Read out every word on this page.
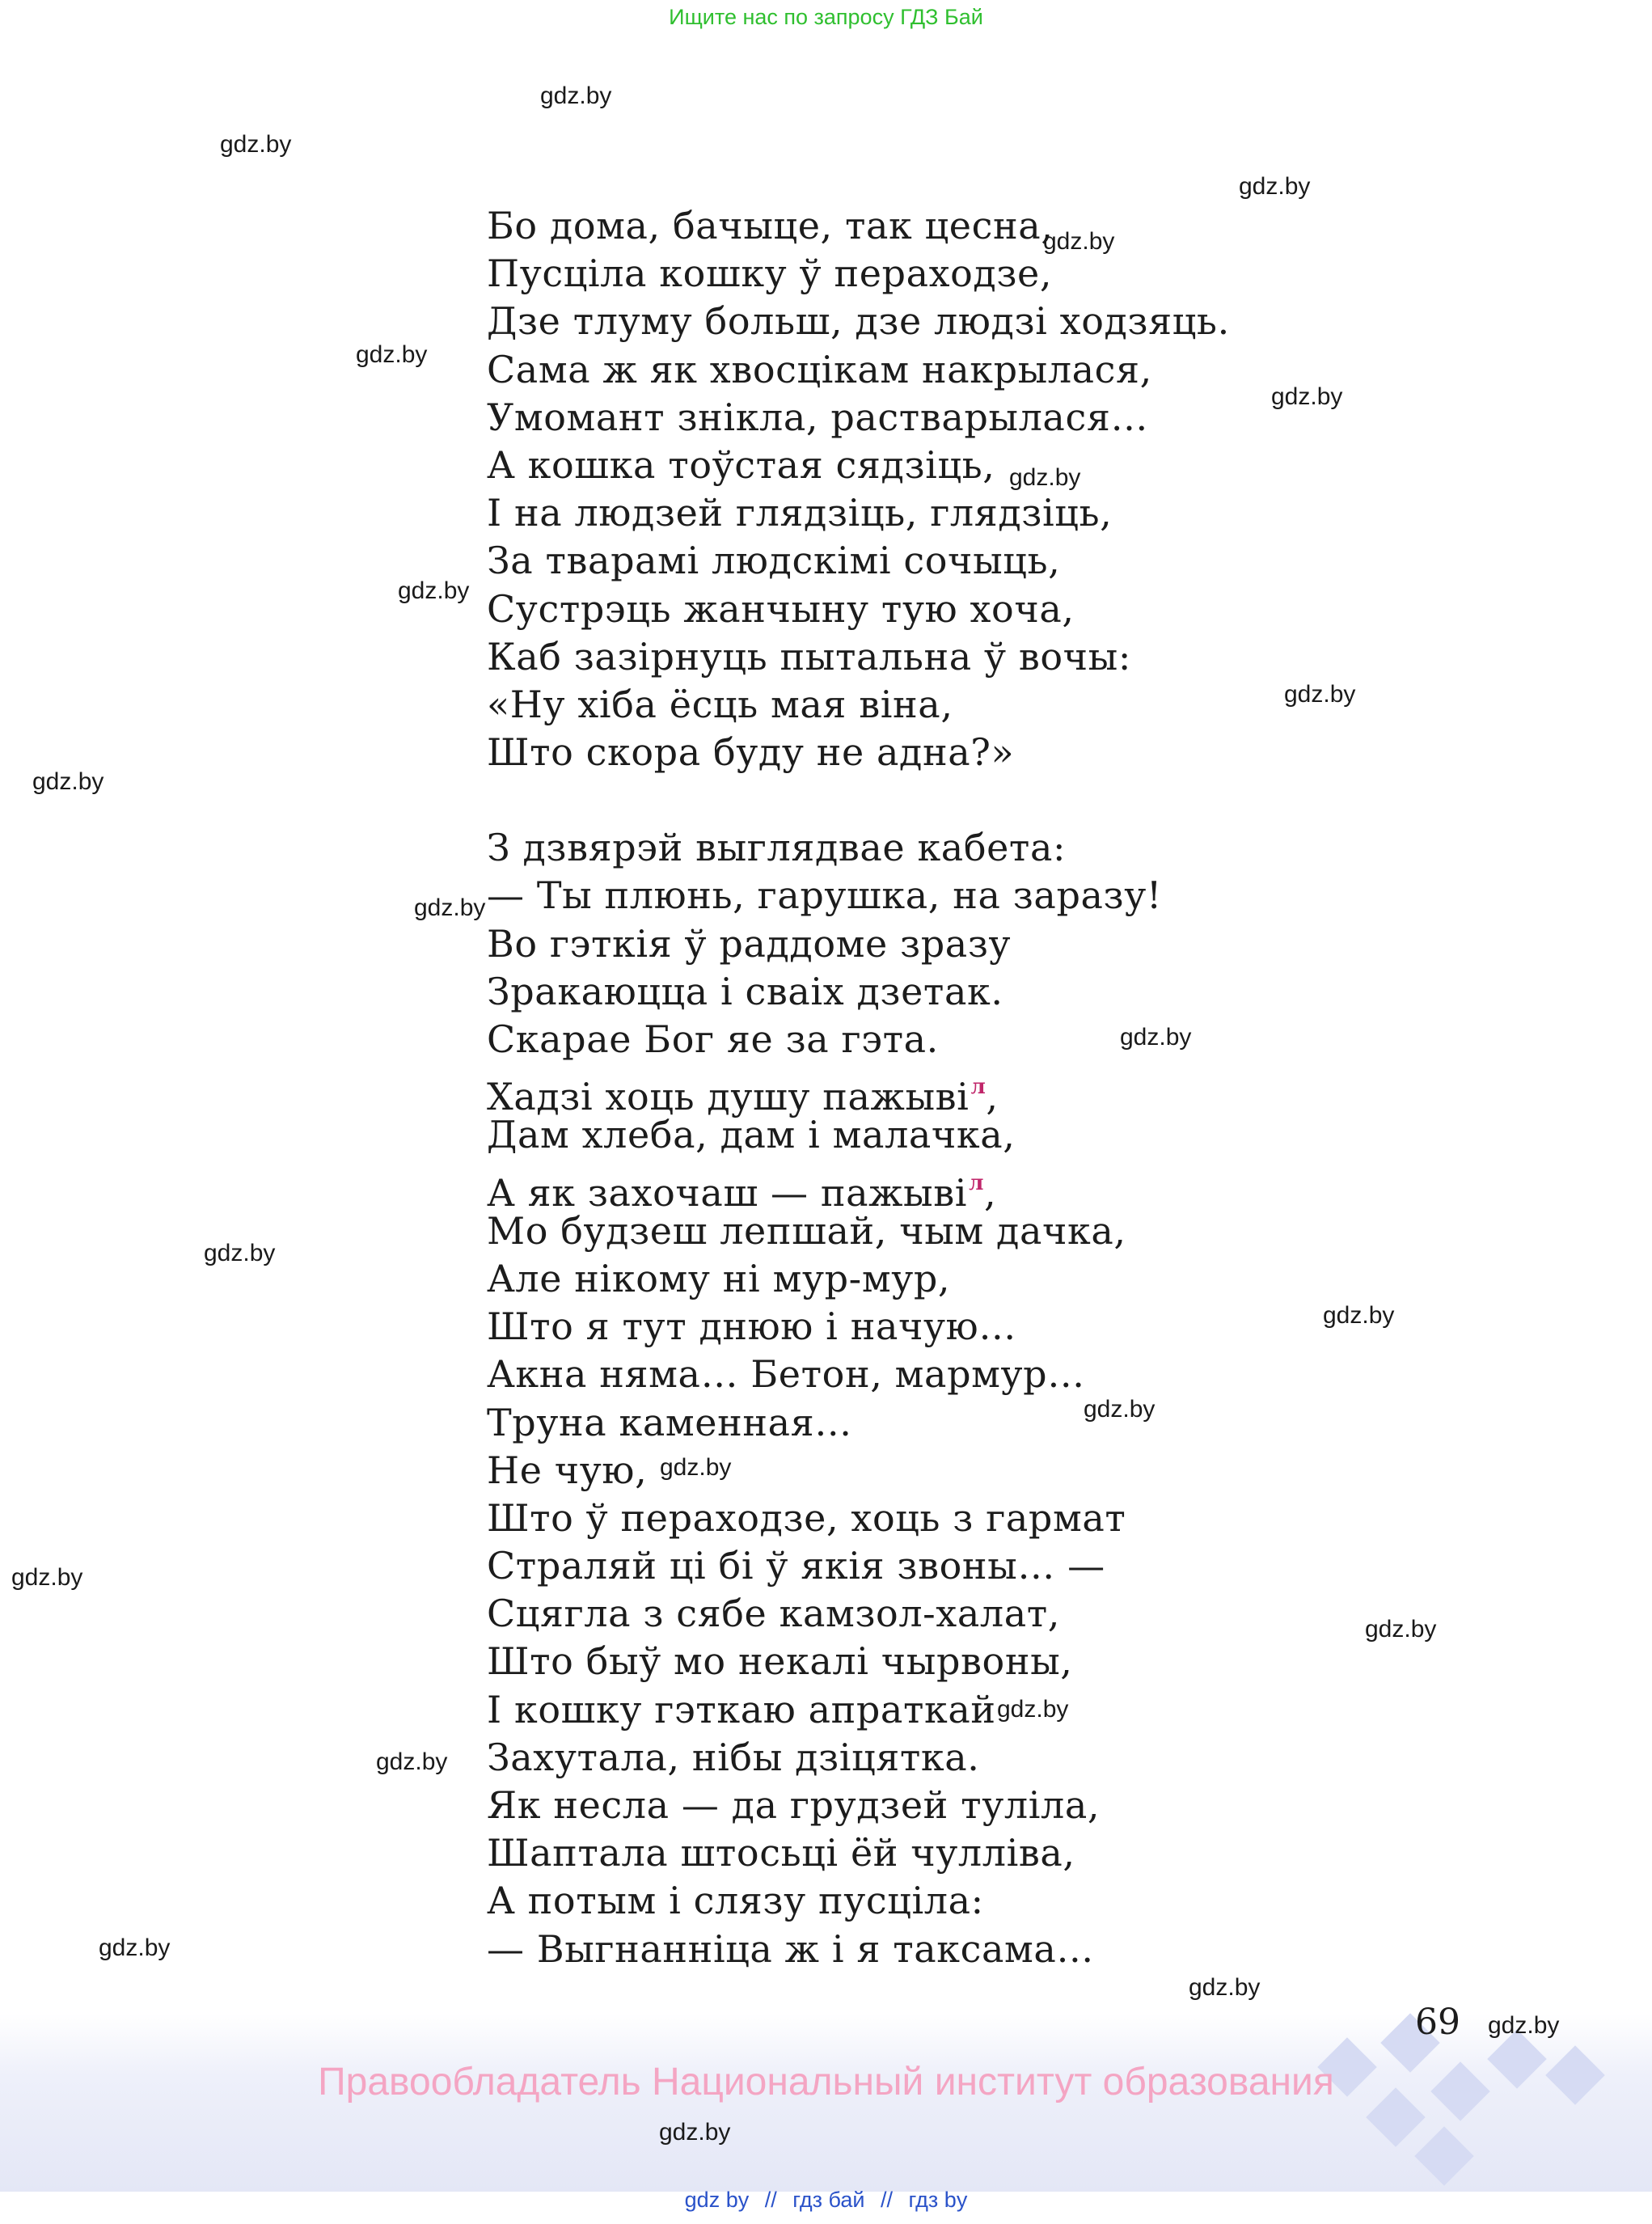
Ищите нас по запросу ГДЗ Бай
Бо дома, бачыце, так цесна,
Пусціла кошку ў пераходзе,
Дзе тлуму больш, дзе людзі ходзяць.
Сама ж як хвосцікам накрылася,
Умомант знікла, растварылася…
А кошка тоўстая сядзіць,
І на людзей глядзіць, глядзіць,
За тварамі людскімі сочыць,
Сустрэць жанчыну тую хоча,
Каб зазірнуць пытальна ў вочы:
«Ну хіба ёсць мая віна,
Што скора буду не адна?»
З дзвярэй выглядвае кабета:
— Ты плюнь, гарушка, на заразу!
Во гэткія ў раддоме зразу
Зракаюцца і сваіх дзетак.
Скарае Бог яе за гэта.
Хадзі хоць душу пажыві$^л$,
Дам хлеба, дам і малачка,
А як захочаш — пажыві$^л$,
Мо будзеш лепшай, чым дачка,
Але нікому ні мур-мур,
Што я тут днюю і начую…
Акна няма… Бетон, мармур…
Труна каменная…
Не чую,
Што ў пераходзе, хоць з гармат
Страляй ці бі ў якія звоны… —
Сцягла з сябе камзол-халат,
Што быў мо некалі чырвоны,
І кошку гэткаю апраткай
Захутала, нібы дзіцятка.
Як несла — да грудзей туліла,
Шаптала штосьці ёй чулліва,
А потым і слязу пусціла:
— Выгнанніца ж і я таксама…
gdz.by
gdz.by
gdz.by
gdz.by
gdz.by
gdz.by
gdz.by
gdz.by
gdz.by
gdz.by
gdz.by
gdz.by
gdz.by
gdz.by
gdz.by
gdz.by
gdz.by
gdz.by
gdz.by
gdz.by
gdz.by
gdz.by
69 gdz.by
Правообладатель Национальный институт образования
gdz.by
gdz by // гдз бай // гдз by
